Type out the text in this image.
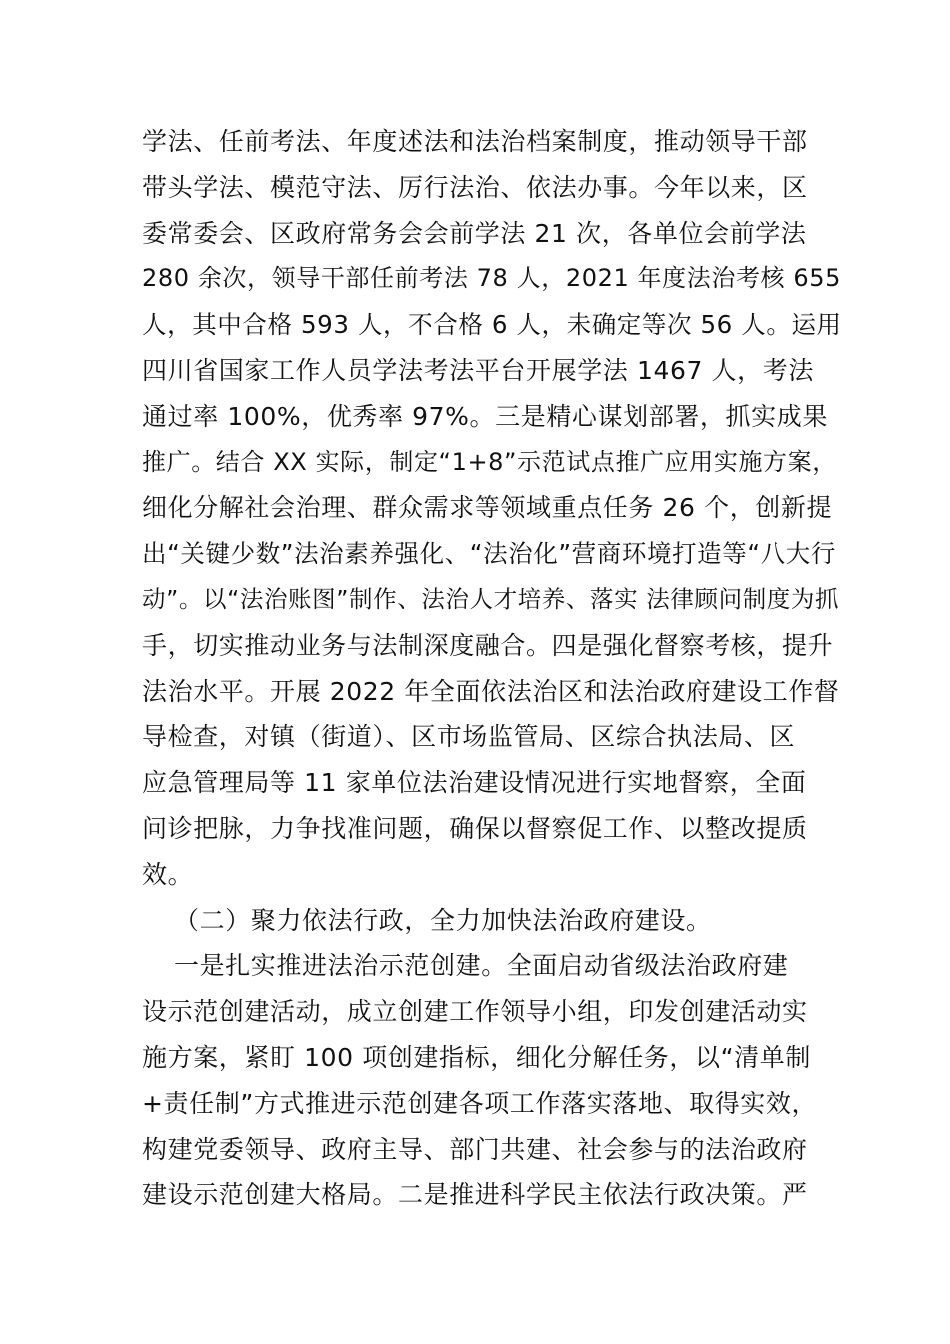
学法、任前考法、年度述法和法治档案制度，推动领导干部
带头学法、模范守法、厉行法治、依法办事。今年以来，区
委常委会、区政府常务会会前学法 21 次，各单位会前学法
280 余次，领导干部任前考法 78 人，2021 年度法治考核 655
人，其中合格 593 人，不合格 6 人，未确定等次 56 人。运用
四川省国家工作人员学法考法平台开展学法 1467 人，考法
通过率 100%，优秀率 97%。三是精心谋划部署，抓实成果
推广。结合 XX 实际，制定“1+8”示范试点推广应用实施方案，
细化分解社会治理、群众需求等领域重点任务 26 个，创新提
出“关键少数”法治素养强化、“法治化”营商环境打造等“八大行
动”。以“法治账图”制作、法治人才培养、落实 法律顾问制度为抓
手，切实推动业务与法制深度融合。四是强化督察考核，提升
法治水平。开展 2022 年全面依法治区和法治政府建设工作督
导检查，对镇（街道）、区市场监管局、区综合执法局、区
应急管理局等 11 家单位法治建设情况进行实地督察，全面
问诊把脉，力争找准问题，确保以督察促工作、以整改提质
效。
（二）聚力依法行政，全力加快法治政府建设。
一是扎实推进法治示范创建。全面启动省级法治政府建
设示范创建活动，成立创建工作领导小组，印发创建活动实
施方案，紧盯 100 项创建指标，细化分解任务，以“清单制
+责任制”方式推进示范创建各项工作落实落地、取得实效，
构建党委领导、政府主导、部门共建、社会参与的法治政府
建设示范创建大格局。二是推进科学民主依法行政决策。严
